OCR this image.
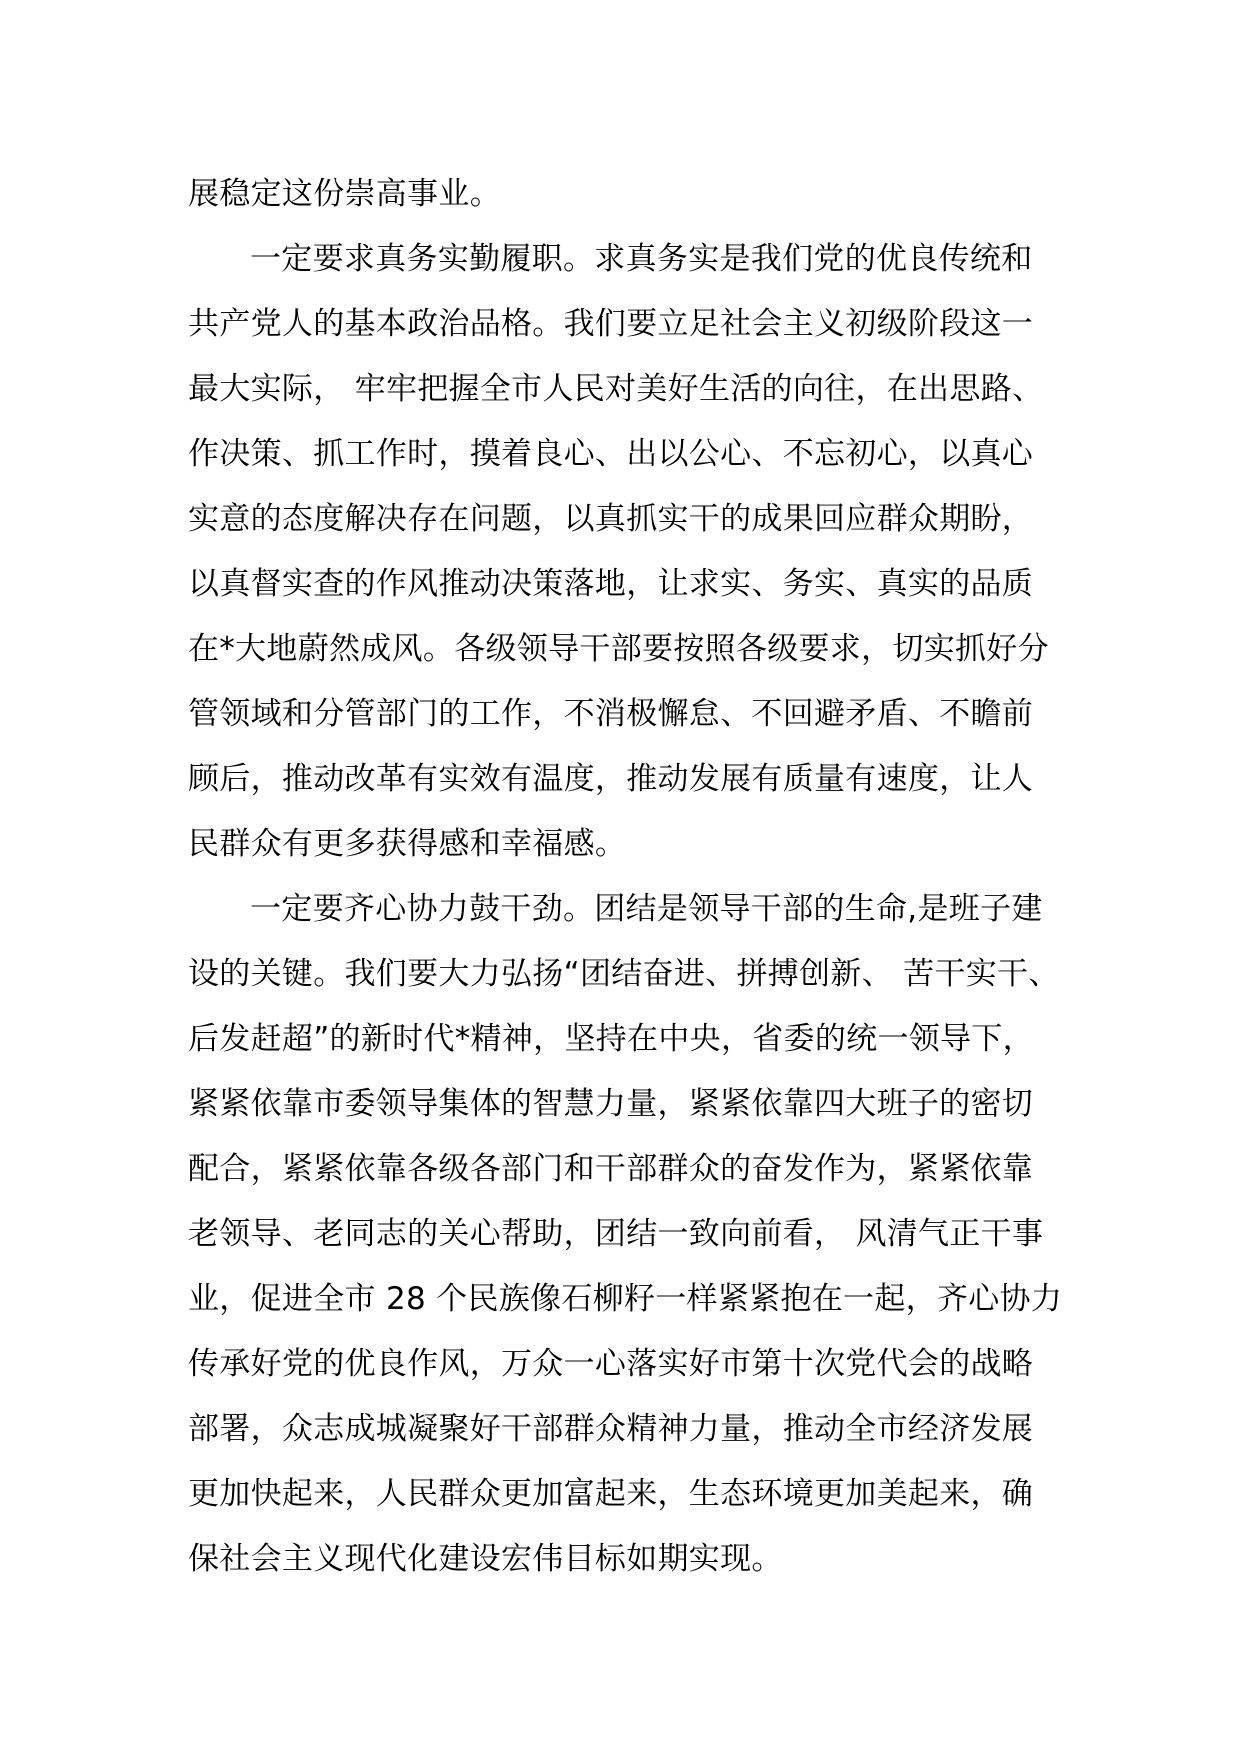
展稳定这份崇高事业。
一定要求真务实勤履职。求真务实是我们党的优良传统和
共产党人的基本政治品格。我们要立足社会主义初级阶段这一
最大实际， 牢牢把握全市人民对美好生活的向往，在出思路、
作决策、抓工作时，摸着良心、出以公心、不忘初心，以真心
实意的态度解决存在问题，以真抓实干的成果回应群众期盼，
以真督实查的作风推动决策落地，让求实、务实、真实的品质
在*大地蔚然成风。各级领导干部要按照各级要求，切实抓好分
管领域和分管部门的工作，不消极懈怠、不回避矛盾、不瞻前
顾后，推动改革有实效有温度，推动发展有质量有速度，让人
民群众有更多获得感和幸福感。
一定要齐心协力鼓干劲。团结是领导干部的生命,是班子建
设的关键。我们要大力弘扬“团结奋进、拼搏创新、 苦干实干、
后发赶超”的新时代*精神，坚持在中央，省委的统一领导下，
紧紧依靠市委领导集体的智慧力量，紧紧依靠四大班子的密切
配合，紧紧依靠各级各部门和干部群众的奋发作为，紧紧依靠
老领导、老同志的关心帮助，团结一致向前看， 风清气正干事
业，促进全市 28 个民族像石柳籽一样紧紧抱在一起，齐心协力
传承好党的优良作风，万众一心落实好市第十次党代会的战略
部署，众志成城凝聚好干部群众精神力量，推动全市经济发展
更加快起来，人民群众更加富起来，生态环境更加美起来，确
保社会主义现代化建设宏伟目标如期实现。
